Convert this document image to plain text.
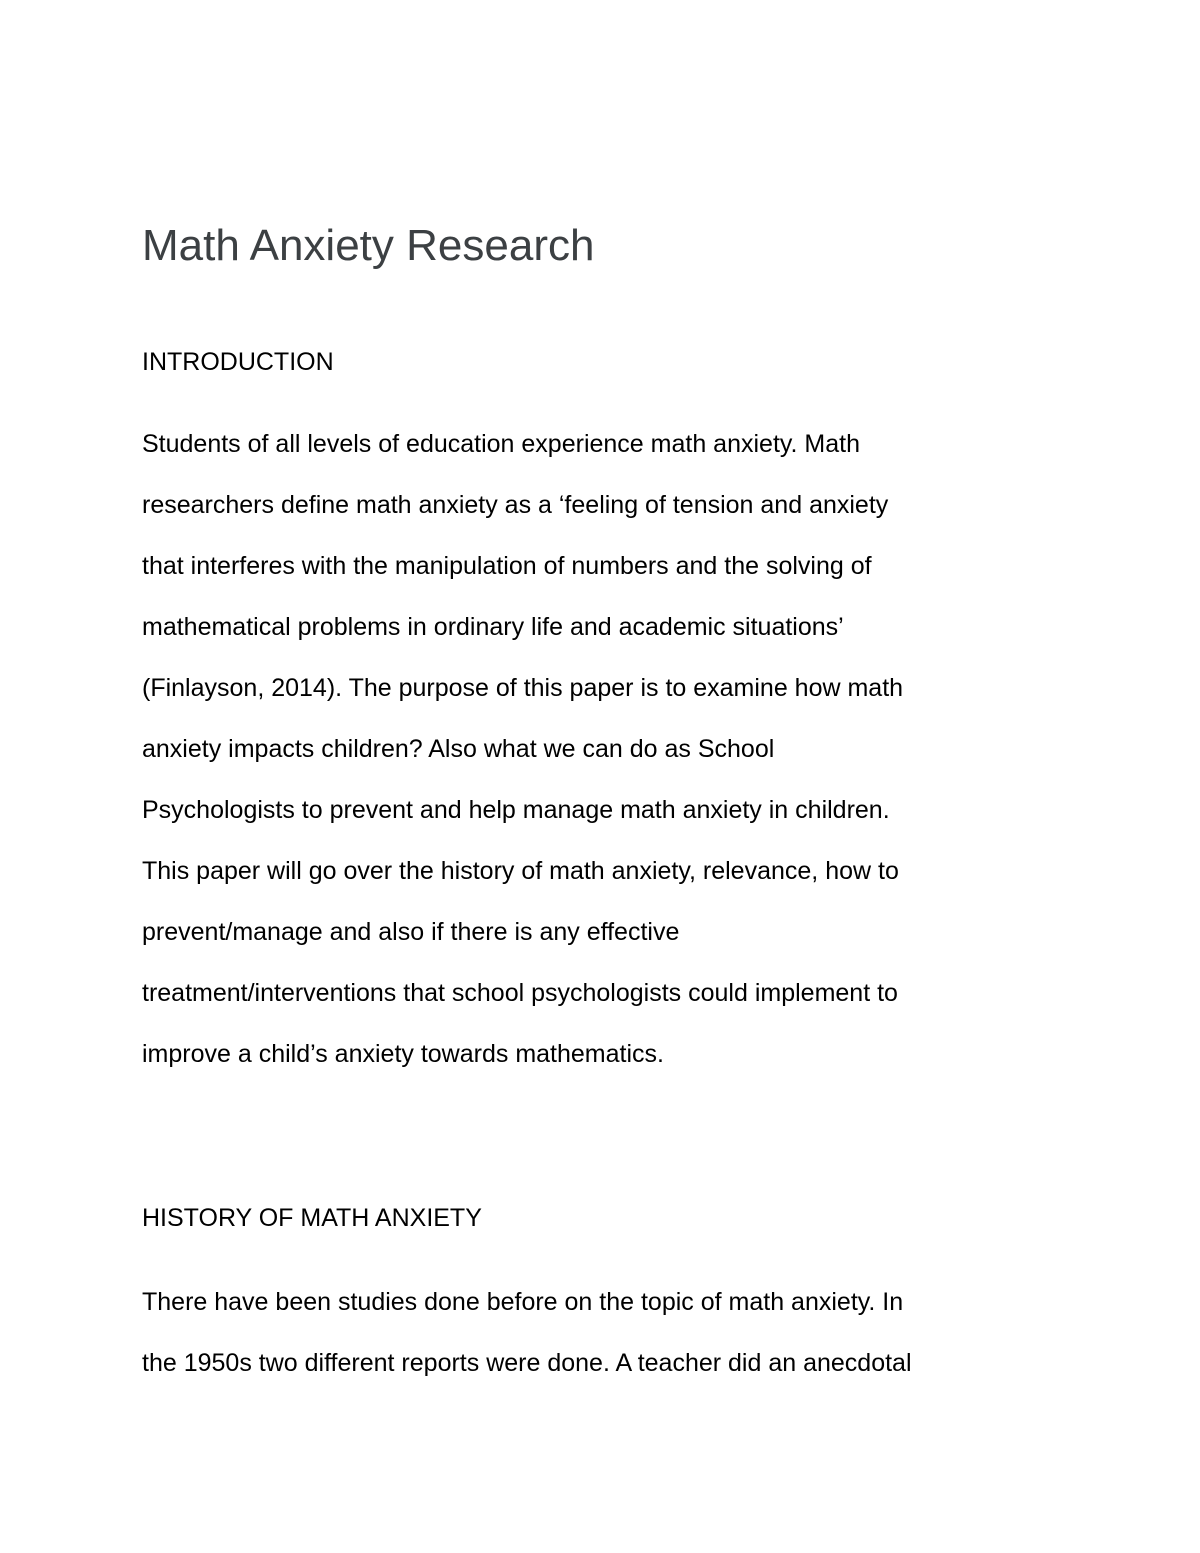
Math Anxiety Research
INTRODUCTION
Students of all levels of education experience math anxiety. Math
researchers define math anxiety as a ‘feeling of tension and anxiety
that interferes with the manipulation of numbers and the solving of
mathematical problems in ordinary life and academic situations’
(Finlayson, 2014). The purpose of this paper is to examine how math
anxiety impacts children? Also what we can do as School
Psychologists to prevent and help manage math anxiety in children.
This paper will go over the history of math anxiety, relevance, how to
prevent/manage and also if there is any effective
treatment/interventions that school psychologists could implement to
improve a child’s anxiety towards mathematics.
HISTORY OF MATH ANXIETY
There have been studies done before on the topic of math anxiety. In
the 1950s two different reports were done. A teacher did an anecdotal
